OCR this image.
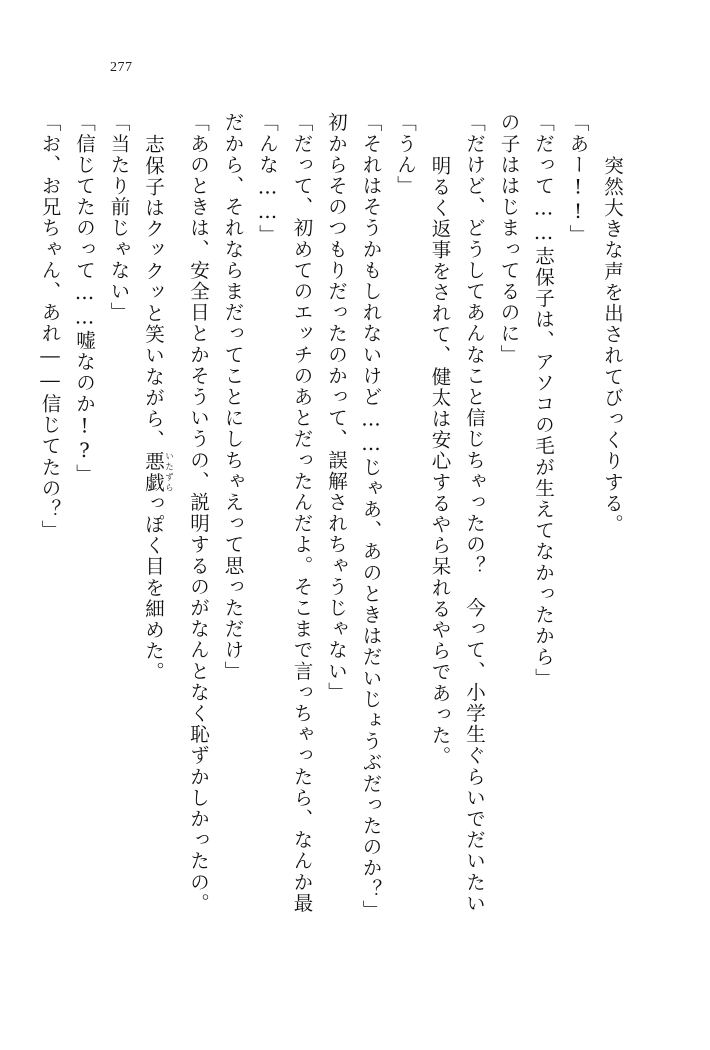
277
「お、お兄ちゃん、あれ――信じてたの？」 「信じてたのって……嘘なのか!?」 「当たり前じゃない」 志保子はクックッと笑いながら、悪戯いたずらっぽく目を細めた。	「あのときは、安全日とかそういうの、説明するのがなんとなく恥ずかしかったの。 だから、それならまだってことにしちゃえって思っただけ」 「んな……」 「だって、初めてのエッチのあとだったんだよ。そこまで言っちゃったら、なんか最 初からそのつもりだったのかって、誤解されちゃうじゃない」 「それはそうかもしれないけど……じゃあ、あのときはだいじょうぶだったのか？」 「うん」 　明るく返事をされて、健太は安心するやら呆れるやらであった。 「だけど、どうしてあんなこと信じちゃったの？　今って、小学生ぐらいでだいたい の子ははじまってるのに」 「だって……志保子は、アソコの毛が生えてなかったから」 「あー!!」 　突然大きな声を出されてびっくりする。
